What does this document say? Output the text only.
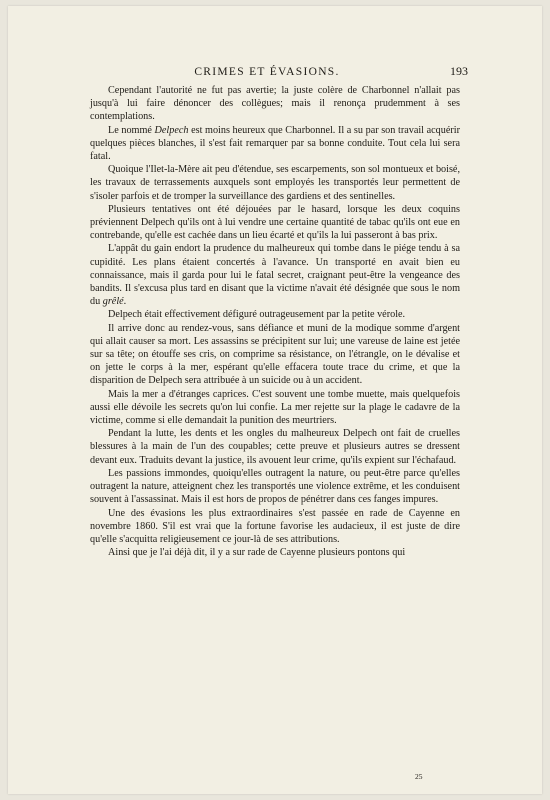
CRIMES ET ÉVASIONS.	193

Cependant l'autorité ne fut pas avertie; la juste colère de Charbonnel n'allait pas jusqu'à lui faire dénoncer des collègues; mais il renonça prudemment à ses contemplations.

Le nommé Delpech est moins heureux que Charbonnel. Il a su par son travail acquérir quelques pièces blanches, il s'est fait remarquer par sa bonne conduite. Tout cela lui sera fatal.

Quoique l'Ilet-la-Mère ait peu d'étendue, ses escarpements, son sol montueux et boisé, les travaux de terrassements auxquels sont employés les transportés leur permettent de s'isoler parfois et de tromper la surveillance des gardiens et des sentinelles.

Plusieurs tentatives ont été déjouées par le hasard, lorsque les deux coquins préviennent Delpech qu'ils ont à lui vendre une certaine quantité de tabac qu'ils ont eue en contrebande, qu'elle est cachée dans un lieu écarté et qu'ils la lui passeront à bas prix.

L'appât du gain endort la prudence du malheureux qui tombe dans le piége tendu à sa cupidité. Les plans étaient concertés à l'avance. Un transporté en avait bien eu connaissance, mais il garda pour lui le fatal secret, craignant peut-être la vengeance des bandits. Il s'excusa plus tard en disant que la victime n'avait été désignée que sous le nom du grêlé.

Delpech était effectivement défiguré outrageusement par la petite vérole.

Il arrive donc au rendez-vous, sans défiance et muni de la modique somme d'argent qui allait causer sa mort. Les assassins se précipitent sur lui; une vareuse de laine est jetée sur sa tête; on étouffe ses cris, on comprime sa résistance, on l'étrangle, on le dévalise et on jette le corps à la mer, espérant qu'elle effacera toute trace du crime, et que la disparition de Delpech sera attribuée à un suicide ou à un accident.

Mais la mer a d'étranges caprices. C'est souvent une tombe muette, mais quelquefois aussi elle dévoile les secrets qu'on lui confie. La mer rejette sur la plage le cadavre de la victime, comme si elle demandait la punition des meurtriers.

Pendant la lutte, les dents et les ongles du malheureux Delpech ont fait de cruelles blessures à la main de l'un des coupables; cette preuve et plusieurs autres se dressent devant eux. Traduits devant la justice, ils avouent leur crime, qu'ils expient sur l'échafaud.

Les passions immondes, quoiqu'elles outragent la nature, ou peut-être parce qu'elles outragent la nature, atteignent chez les transportés une violence extrême, et les conduisent souvent à l'assassinat. Mais il est hors de propos de pénétrer dans ces fanges impures.

Une des évasions les plus extraordinaires s'est passée en rade de Cayenne en novembre 1860. S'il est vrai que la fortune favorise les audacieux, il est juste de dire qu'elle s'acquitta religieusement ce jour-là de ses attributions.

Ainsi que je l'ai déjà dit, il y a sur rade de Cayenne plusieurs pontons qui

25
